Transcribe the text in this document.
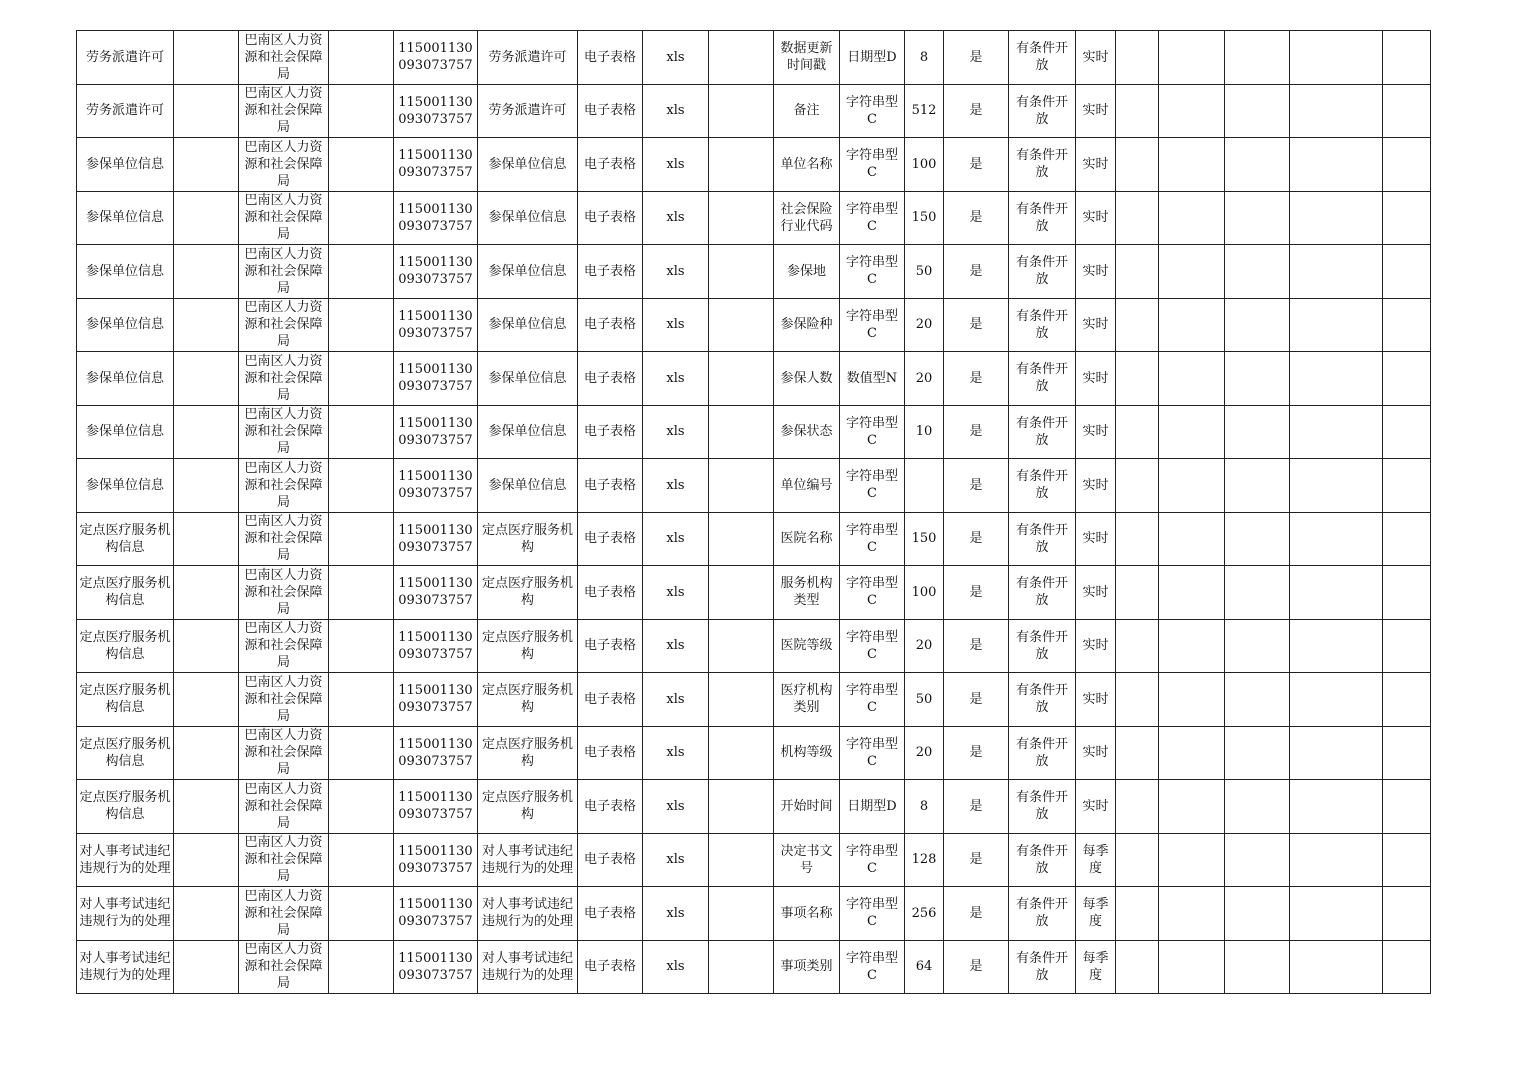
劳务派遣许可		巴南区人力资源和社会保障局		115001130093073757	劳务派遣许可	电子表格	xls		数据更新时间戳	日期型D	8	是	有条件开放	实时					
劳务派遣许可		巴南区人力资源和社会保障局		115001130093073757	劳务派遣许可	电子表格	xls		备注	字符串型C	512	是	有条件开放	实时					
参保单位信息		巴南区人力资源和社会保障局		115001130093073757	参保单位信息	电子表格	xls		单位名称	字符串型C	100	是	有条件开放	实时					
参保单位信息		巴南区人力资源和社会保障局		115001130093073757	参保单位信息	电子表格	xls		社会保险行业代码	字符串型C	150	是	有条件开放	实时					
参保单位信息		巴南区人力资源和社会保障局		115001130093073757	参保单位信息	电子表格	xls		参保地	字符串型C	50	是	有条件开放	实时					
参保单位信息		巴南区人力资源和社会保障局		115001130093073757	参保单位信息	电子表格	xls		参保险种	字符串型C	20	是	有条件开放	实时					
参保单位信息		巴南区人力资源和社会保障局		115001130093073757	参保单位信息	电子表格	xls		参保人数	数值型N	20	是	有条件开放	实时					
参保单位信息		巴南区人力资源和社会保障局		115001130093073757	参保单位信息	电子表格	xls		参保状态	字符串型C	10	是	有条件开放	实时					
参保单位信息		巴南区人力资源和社会保障局		115001130093073757	参保单位信息	电子表格	xls		单位编号	字符串型C		是	有条件开放	实时					
定点医疗服务机构信息		巴南区人力资源和社会保障局		115001130093073757	定点医疗服务机构	电子表格	xls		医院名称	字符串型C	150	是	有条件开放	实时					
定点医疗服务机构信息		巴南区人力资源和社会保障局		115001130093073757	定点医疗服务机构	电子表格	xls		服务机构类型	字符串型C	100	是	有条件开放	实时					
定点医疗服务机构信息		巴南区人力资源和社会保障局		115001130093073757	定点医疗服务机构	电子表格	xls		医院等级	字符串型C	20	是	有条件开放	实时					
定点医疗服务机构信息		巴南区人力资源和社会保障局		115001130093073757	定点医疗服务机构	电子表格	xls		医疗机构类别	字符串型C	50	是	有条件开放	实时					
定点医疗服务机构信息		巴南区人力资源和社会保障局		115001130093073757	定点医疗服务机构	电子表格	xls		机构等级	字符串型C	20	是	有条件开放	实时					
定点医疗服务机构信息		巴南区人力资源和社会保障局		115001130093073757	定点医疗服务机构	电子表格	xls		开始时间	日期型D	8	是	有条件开放	实时					
对人事考试违纪违规行为的处理		巴南区人力资源和社会保障局		115001130093073757	对人事考试违纪违规行为的处理	电子表格	xls		决定书文号	字符串型C	128	是	有条件开放	每季度					
对人事考试违纪违规行为的处理		巴南区人力资源和社会保障局		115001130093073757	对人事考试违纪违规行为的处理	电子表格	xls		事项名称	字符串型C	256	是	有条件开放	每季度					
对人事考试违纪违规行为的处理		巴南区人力资源和社会保障局		115001130093073757	对人事考试违纪违规行为的处理	电子表格	xls		事项类别	字符串型C	64	是	有条件开放	每季度					
